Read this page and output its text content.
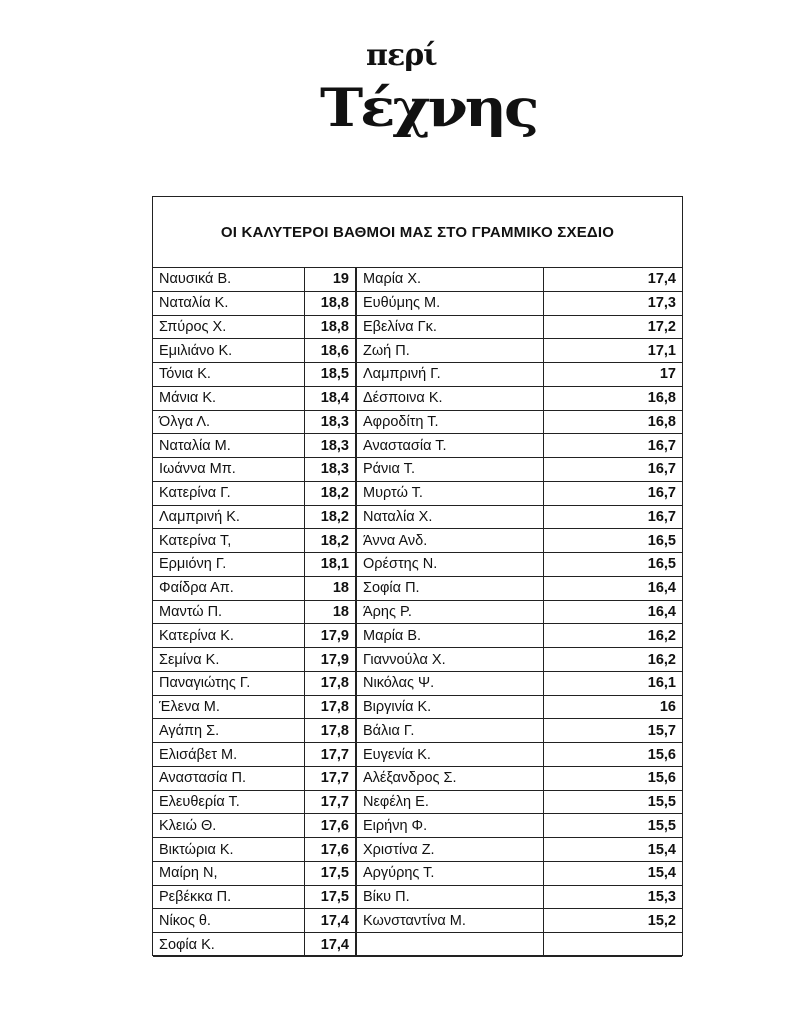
περί
Τέχνης
ΟΙ ΚΑΛΥΤΕΡΟΙ ΒΑΘΜΟΙ ΜΑΣ ΣΤΟ ΓΡΑΜΜΙΚΟ ΣΧΕΔΙΟ
Ναυσικά Β.	19
Ναταλία Κ.	18,8
Σπύρος Χ.	18,8
Εμιλιάνο Κ.	18,6
Τόνια Κ.	18,5
Μάνια Κ.	18,4
Όλγα Λ.	18,3
Ναταλία Μ.	18,3
Ιωάννα Μπ.	18,3
Κατερίνα Γ.	18,2
Λαμπρινή Κ.	18,2
Κατερίνα Τ,	18,2
Ερμιόνη Γ.	18,1
Φαίδρα Απ.	18
Μαντώ Π.	18
Κατερίνα Κ.	17,9
Σεμίνα Κ.	17,9
Παναγιώτης Γ.	17,8
Έλενα Μ.	17,8
Αγάπη Σ.	17,8
Ελισάβετ Μ.	17,7
Αναστασία Π.	17,7
Ελευθερία Τ.	17,7
Κλειώ Θ.	17,6
Βικτώρια Κ.	17,6
Μαίρη Ν,	17,5
Ρεβέκκα Π.	17,5
Νίκος θ.	17,4
Σοφία Κ.	17,4
Μαρία Χ.	17,4
Ευθύμης Μ.	17,3
Εβελίνα Γκ.	17,2
Ζωή Π.	17,1
Λαμπρινή Γ.	17
Δέσποινα Κ.	16,8
Αφροδίτη Τ.	16,8
Αναστασία Τ.	16,7
Ράνια Τ.	16,7
Μυρτώ Τ.	16,7
Ναταλία Χ.	16,7
Άννα Ανδ.	16,5
Ορέστης Ν.	16,5
Σοφία Π.	16,4
Άρης Ρ.	16,4
Μαρία Β.	16,2
Γιαννούλα Χ.	16,2
Νικόλας Ψ.	16,1
Βιργινία Κ.	16
Βάλια Γ.	15,7
Ευγενία Κ.	15,6
Αλέξανδρος Σ.	15,6
Νεφέλη Ε.	15,5
Ειρήνη Φ.	15,5
Χριστίνα Ζ.	15,4
Αργύρης Τ.	15,4
Βίκυ Π.	15,3
Κωνσταντίνα Μ.	15,2
